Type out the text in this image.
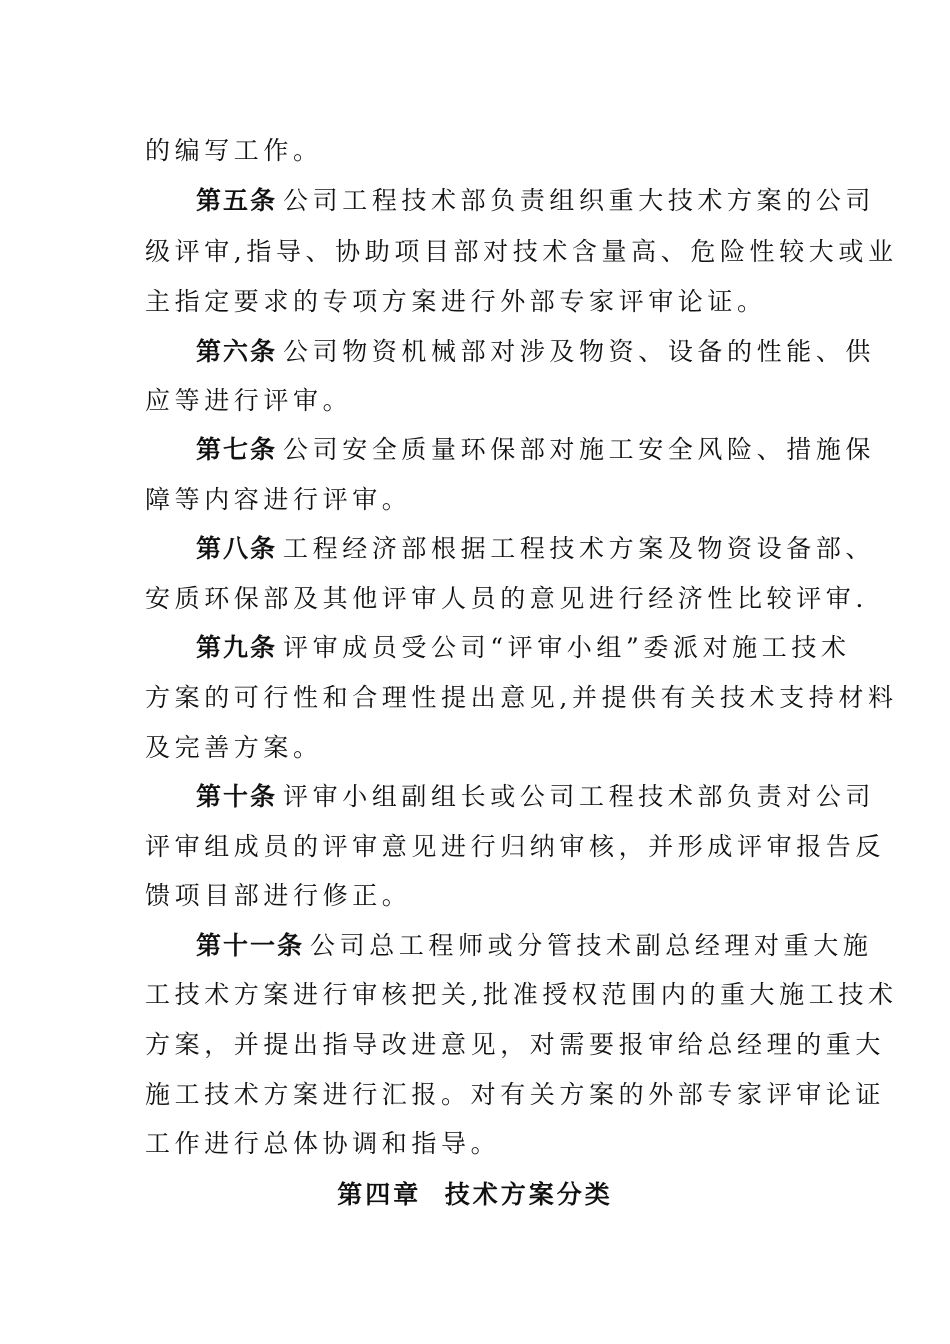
的编写工作。
第五条 公司工程技术部负责组织重大技术方案的公司
级评审,指导、协助项目部对技术含量高、危险性较大或业
主指定要求的专项方案进行外部专家评审论证。
第六条 公司物资机械部对涉及物资、设备的性能、供
应等进行评审。
第七条 公司安全质量环保部对施工安全风险、措施保
障等内容进行评审。
第八条 工程经济部根据工程技术方案及物资设备部、
安质环保部及其他评审人员的意见进行经济性比较评审.
第九条 评审成员受公司“评审小组”委派对施工技术
方案的可行性和合理性提出意见,并提供有关技术支持材料
及完善方案。
第十条 评审小组副组长或公司工程技术部负责对公司
评审组成员的评审意见进行归纳审核，并形成评审报告反
馈项目部进行修正。
第十一条 公司总工程师或分管技术副总经理对重大施
工技术方案进行审核把关,批准授权范围内的重大施工技术
方案，并提出指导改进意见，对需要报审给总经理的重大
施工技术方案进行汇报。对有关方案的外部专家评审论证
工作进行总体协调和指导。
第四章  技术方案分类
